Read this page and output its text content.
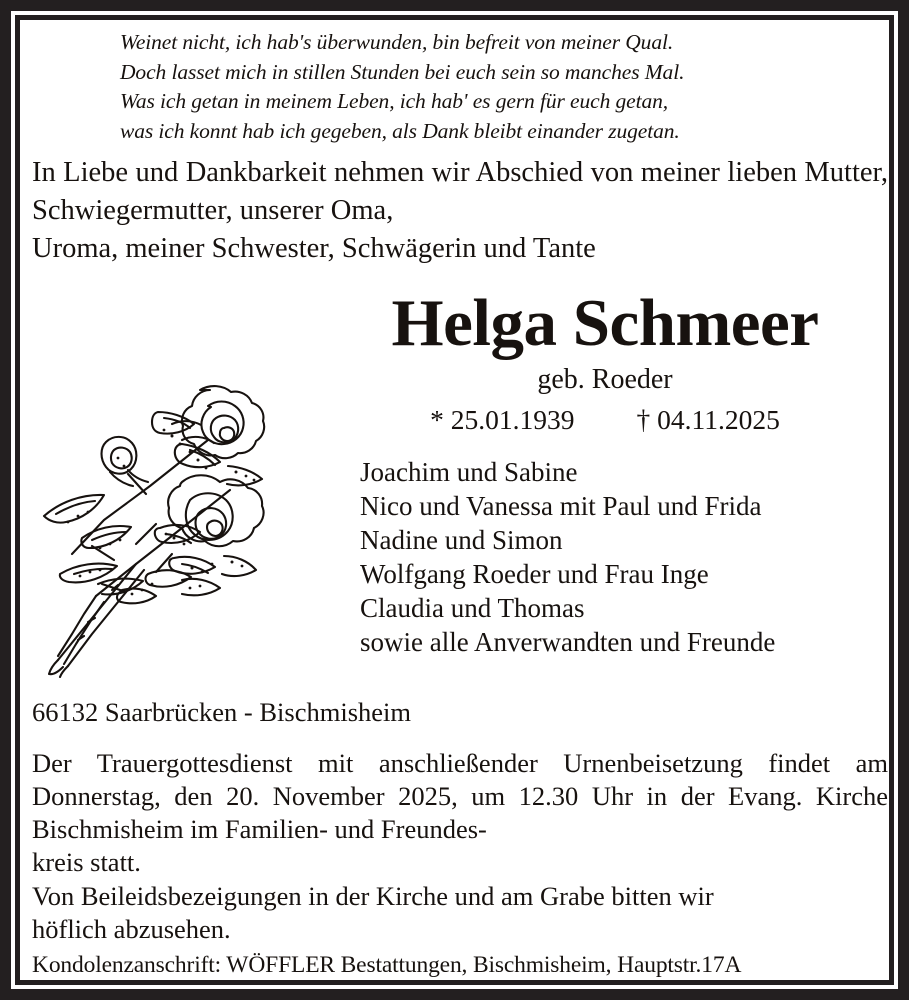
Weinet nicht, ich hab's überwunden, bin befreit von meiner Qual.
Doch lasset mich in stillen Stunden bei euch sein so manches Mal.
Was ich getan in meinem Leben, ich hab' es gern für euch getan,
was ich konnt hab ich gegeben, als Dank bleibt einander zugetan.
In Liebe und Dankbarkeit nehmen wir Abschied von meiner lieben Mutter, Schwiegermutter, unserer Oma,
Uroma, meiner Schwester, Schwägerin und Tante
Helga Schmeer
geb. Roeder
* 25.01.1939 † 04.11.2025
Joachim und Sabine
Nico und Vanessa mit Paul und Frida
Nadine und Simon
Wolfgang Roeder und Frau Inge
Claudia und Thomas
sowie alle Anverwandten und Freunde
66132 Saarbrücken - Bischmisheim
Der Trauergottesdienst mit anschließender Urnenbeisetzung findet am Donnerstag, den 20. November 2025, um 12.30 Uhr in der Evang. Kirche Bischmisheim im Familien- und Freundes-
kreis statt.
Von Beileidsbezeigungen in der Kirche und am Grabe bitten wir
höflich abzusehen.
Kondolenzanschrift: WÖFFLER Bestattungen, Bischmisheim, Hauptstr.17A
